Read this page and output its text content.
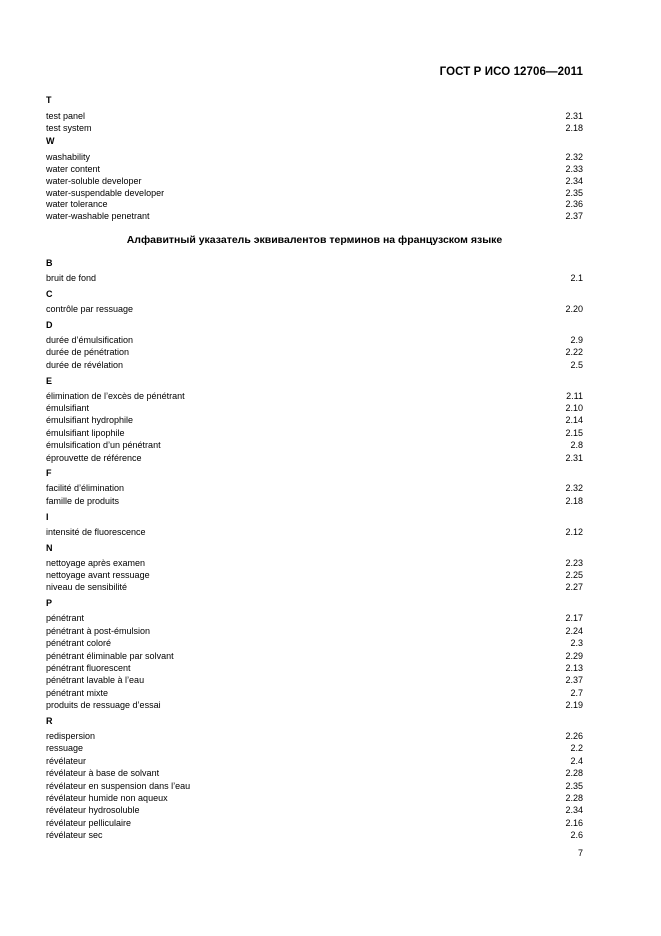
ГОСТ Р ИСО 12706—2011
T
test panel	2.31
test system	2.18
W
washability	2.32
water content	2.33
water-soluble developer	2.34
water-suspendable developer	2.35
water tolerance	2.36
water-washable penetrant	2.37
Алфавитный указатель эквивалентов терминов на французском языке
B
bruit de fond	2.1
C
contrôle par ressuage	2.20
D
durée d’émulsification	2.9
durée de pénétration	2.22
durée de révélation	2.5
E
élimination de l’excès de pénétrant	2.11
émulsifiant	2.10
émulsifiant hydrophile	2.14
émulsifiant lipophile	2.15
émulsification d’un pénétrant	2.8
éprouvette de référence	2.31
F
facilité d’élimination	2.32
famille de produits	2.18
I
intensité de fluorescence	2.12
N
nettoyage après examen	2.23
nettoyage avant ressuage	2.25
niveau de sensibilité	2.27
P
pénétrant	2.17
pénétrant à post-émulsion	2.24
pénétrant coloré	2.3
pénétrant éliminable par solvant	2.29
pénétrant fluorescent	2.13
pénétrant lavable à l’eau	2.37
pénétrant mixte	2.7
produits de ressuage d’essai	2.19
R
redispersion	2.26
ressuage	2.2
révélateur	2.4
révélateur à base de solvant	2.28
révélateur en suspension dans l’eau	2.35
révélateur humide non aqueux	2.28
révélateur hydrosoluble	2.34
révélateur pelliculaire	2.16
révélateur sec	2.6
7
